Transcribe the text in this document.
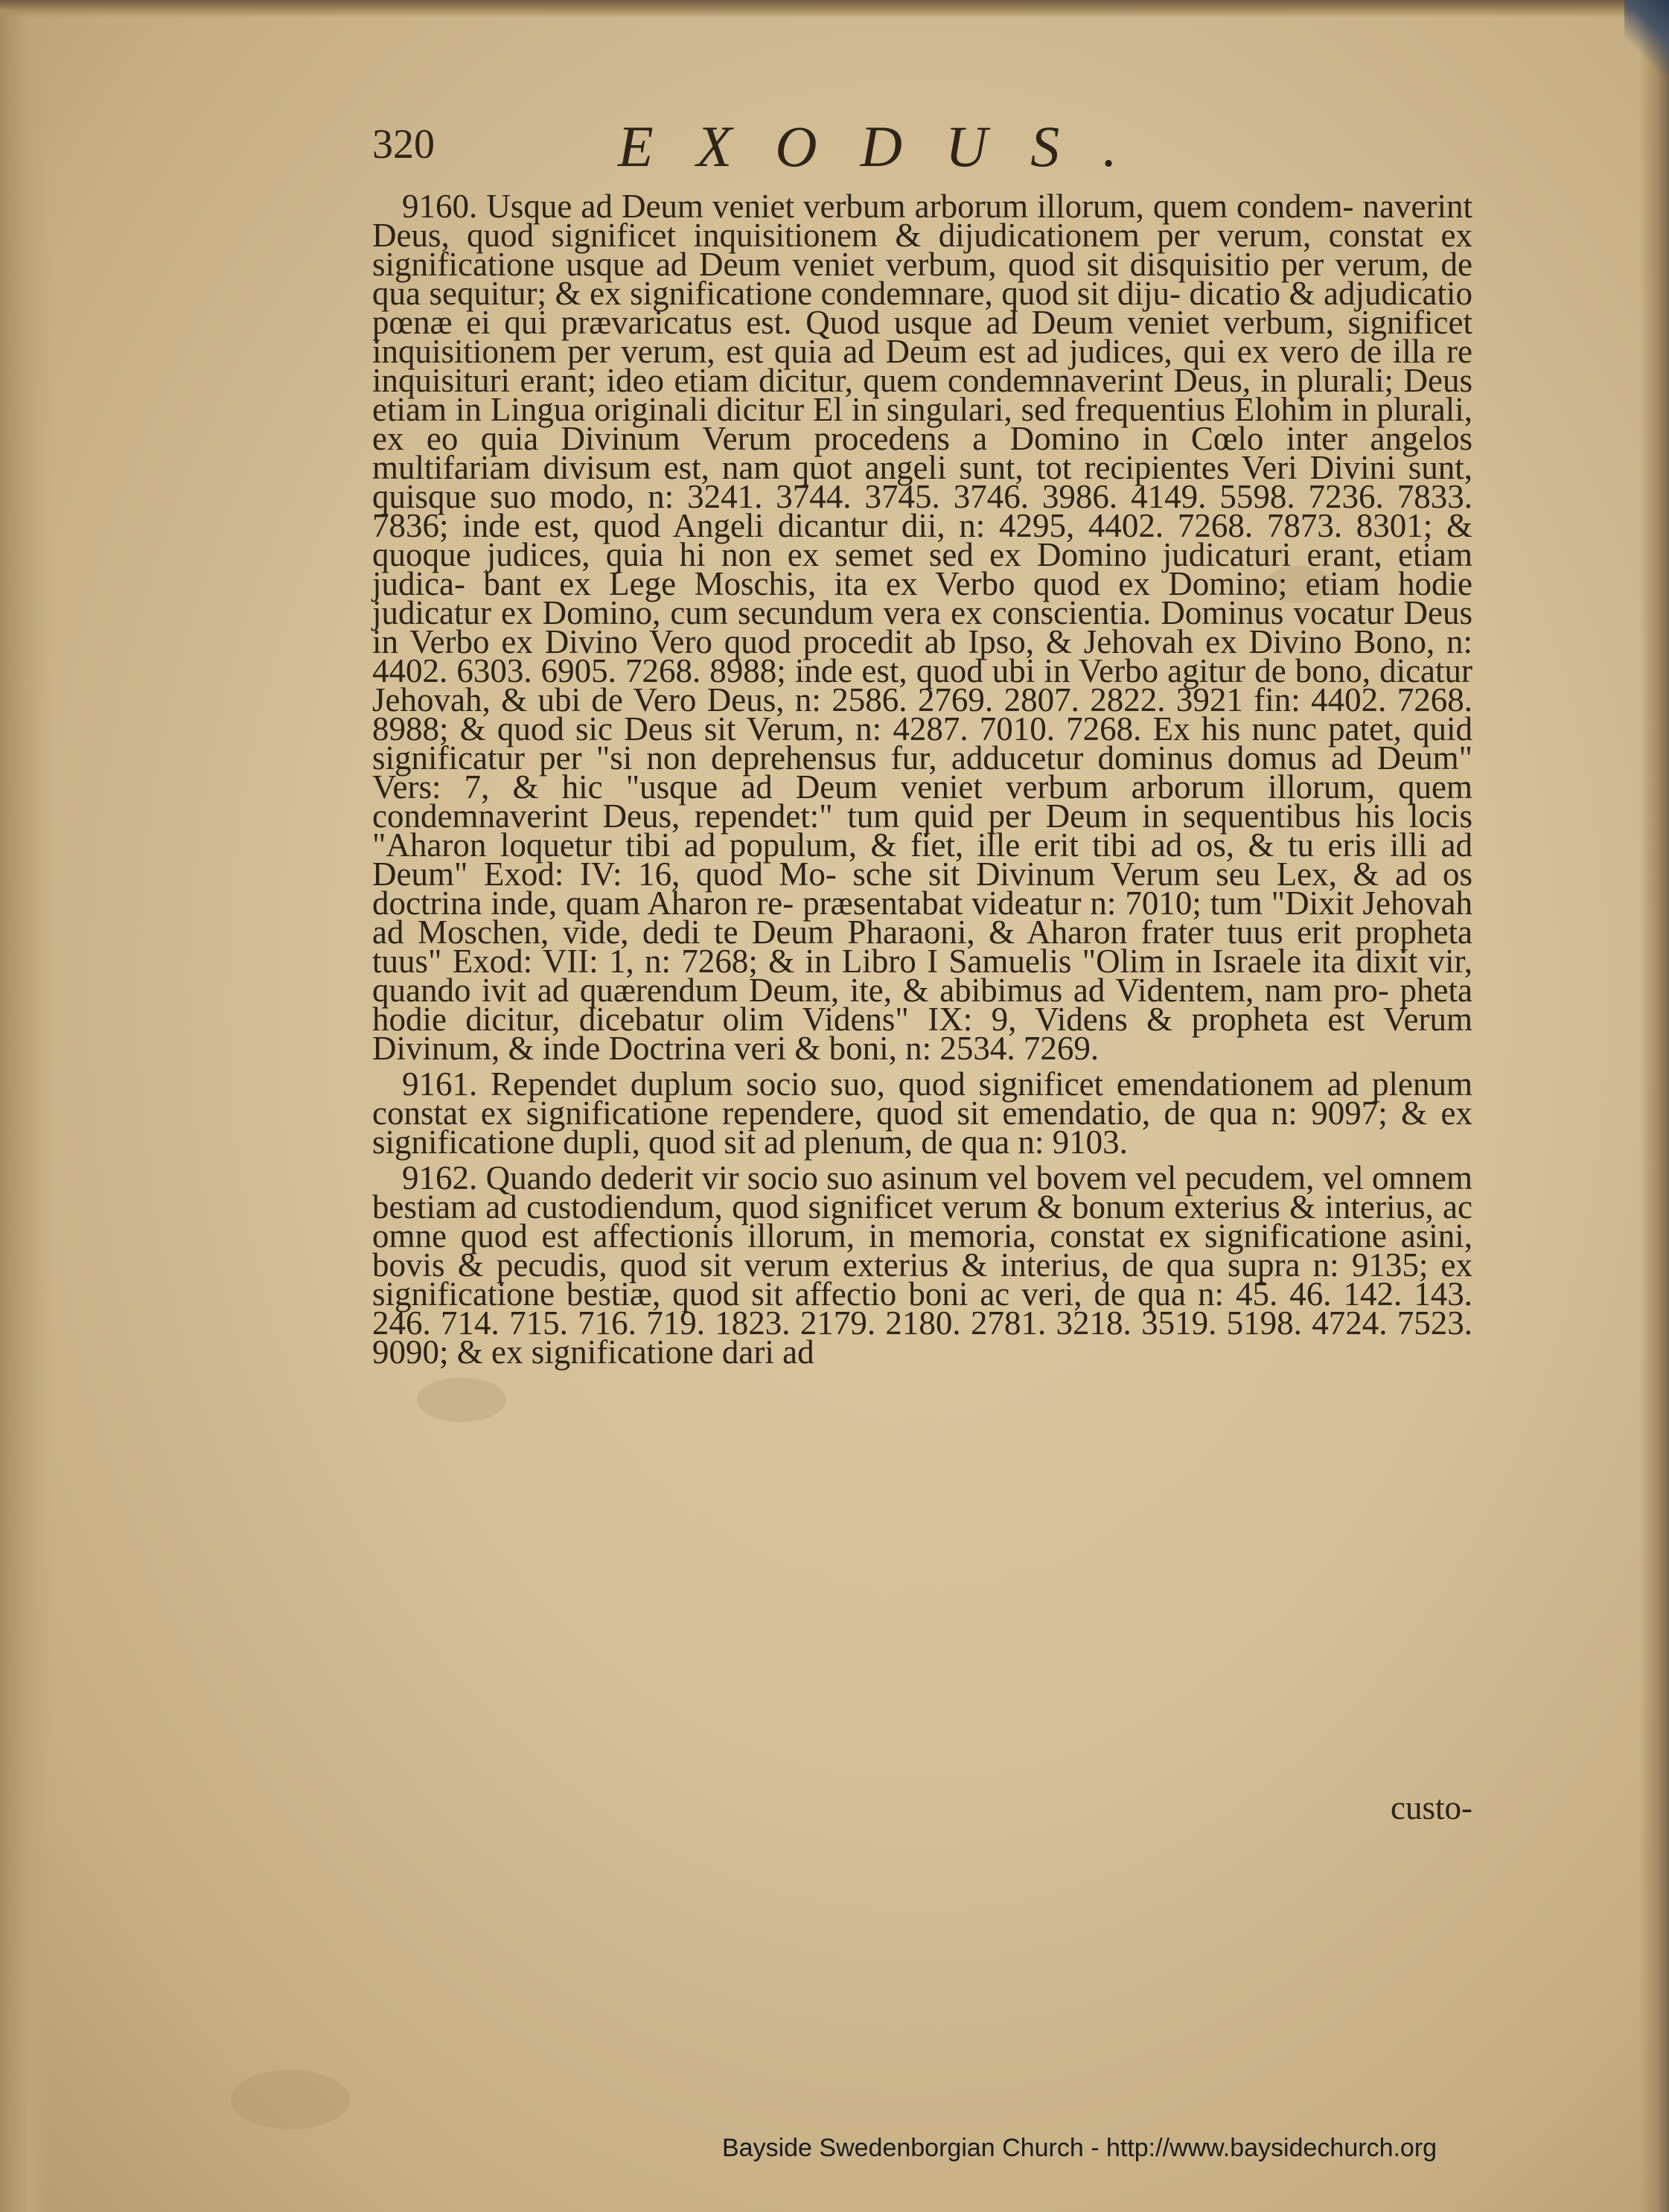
320	EXODUS.

9160. Usque ad Deum veniet verbum arborum illorum, quem condem- naverint Deus, quod significet inquisitionem & dijudicationem per verum, constat ex significatione usque ad Deum veniet verbum, quod sit disquisitio per verum, de qua sequitur; & ex significatione condemnare, quod sit diju- dicatio & adjudicatio pœnæ ei qui prævaricatus est. Quod usque ad Deum veniet verbum, significet inquisitionem per verum, est quia ad Deum est ad judices, qui ex vero de illa re inquisituri erant; ideo etiam dicitur, quem condemnaverint Deus, in plurali; Deus etiam in Lingua originali dicitur El in singulari, sed frequentius Elohim in plurali, ex eo quia Divinum Verum procedens a Domino in Cœlo inter angelos multifariam divisum est, nam quot angeli sunt, tot recipientes Veri Divini sunt, quisque suo modo, n: 3241. 3744. 3745. 3746. 3986. 4149. 5598. 7236. 7833. 7836; inde est, quod Angeli dicantur dii, n: 4295, 4402. 7268. 7873. 8301; & quoque judices, quia hi non ex semet sed ex Domino judicaturi erant, etiam judica- bant ex Lege Moschis, ita ex Verbo quod ex Domino; etiam hodie judicatur ex Domino, cum secundum vera ex conscientia. Dominus vocatur Deus in Verbo ex Divino Vero quod procedit ab Ipso, & Jehovah ex Divino Bono, n: 4402. 6303. 6905. 7268. 8988; inde est, quod ubi in Verbo agitur de bono, dicatur Jehovah, & ubi de Vero Deus, n: 2586. 2769. 2807. 2822. 3921 fin: 4402. 7268. 8988; & quod sic Deus sit Verum, n: 4287. 7010. 7268. Ex his nunc patet, quid significatur per "si non deprehensus fur, adducetur dominus domus ad Deum" Vers: 7, & hic "usque ad Deum veniet verbum arborum illorum, quem condemnaverint Deus, rependet:" tum quid per Deum in sequentibus his locis "Aharon loquetur tibi ad populum, & fiet, ille erit tibi ad os, & tu eris illi ad Deum" Exod: IV: 16, quod Mo- sche sit Divinum Verum seu Lex, & ad os doctrina inde, quam Aharon re- præsentabat videatur n: 7010; tum "Dixit Jehovah ad Moschen, vide, dedi te Deum Pharaoni, & Aharon frater tuus erit propheta tuus" Exod: VII: 1, n: 7268; & in Libro I Samuelis "Olim in Israele ita dixit vir, quando ivit ad quærendum Deum, ite, & abibimus ad Videntem, nam pro- pheta hodie dicitur, dicebatur olim Videns" IX: 9, Videns & propheta est Verum Divinum, & inde Doctrina veri & boni, n: 2534. 7269.

9161. Rependet duplum socio suo, quod significet emendationem ad plenum constat ex significatione rependere, quod sit emendatio, de qua n: 9097; & ex significatione dupli, quod sit ad plenum, de qua n: 9103.

9162. Quando dederit vir socio suo asinum vel bovem vel pecudem, vel omnem bestiam ad custodiendum, quod significet verum & bonum exterius & interius, ac omne quod est affectionis illorum, in memoria, constat ex significatione asini, bovis & pecudis, quod sit verum exterius & interius, de qua supra n: 9135; ex significatione bestiæ, quod sit affectio boni ac veri, de qua n: 45. 46. 142. 143. 246. 714. 715. 716. 719. 1823. 2179. 2180. 2781. 3218. 3519. 5198. 4724. 7523. 9090; & ex significatione dari ad

custo-
Bayside Swedenborgian Church - http://www.baysidechurch.org
